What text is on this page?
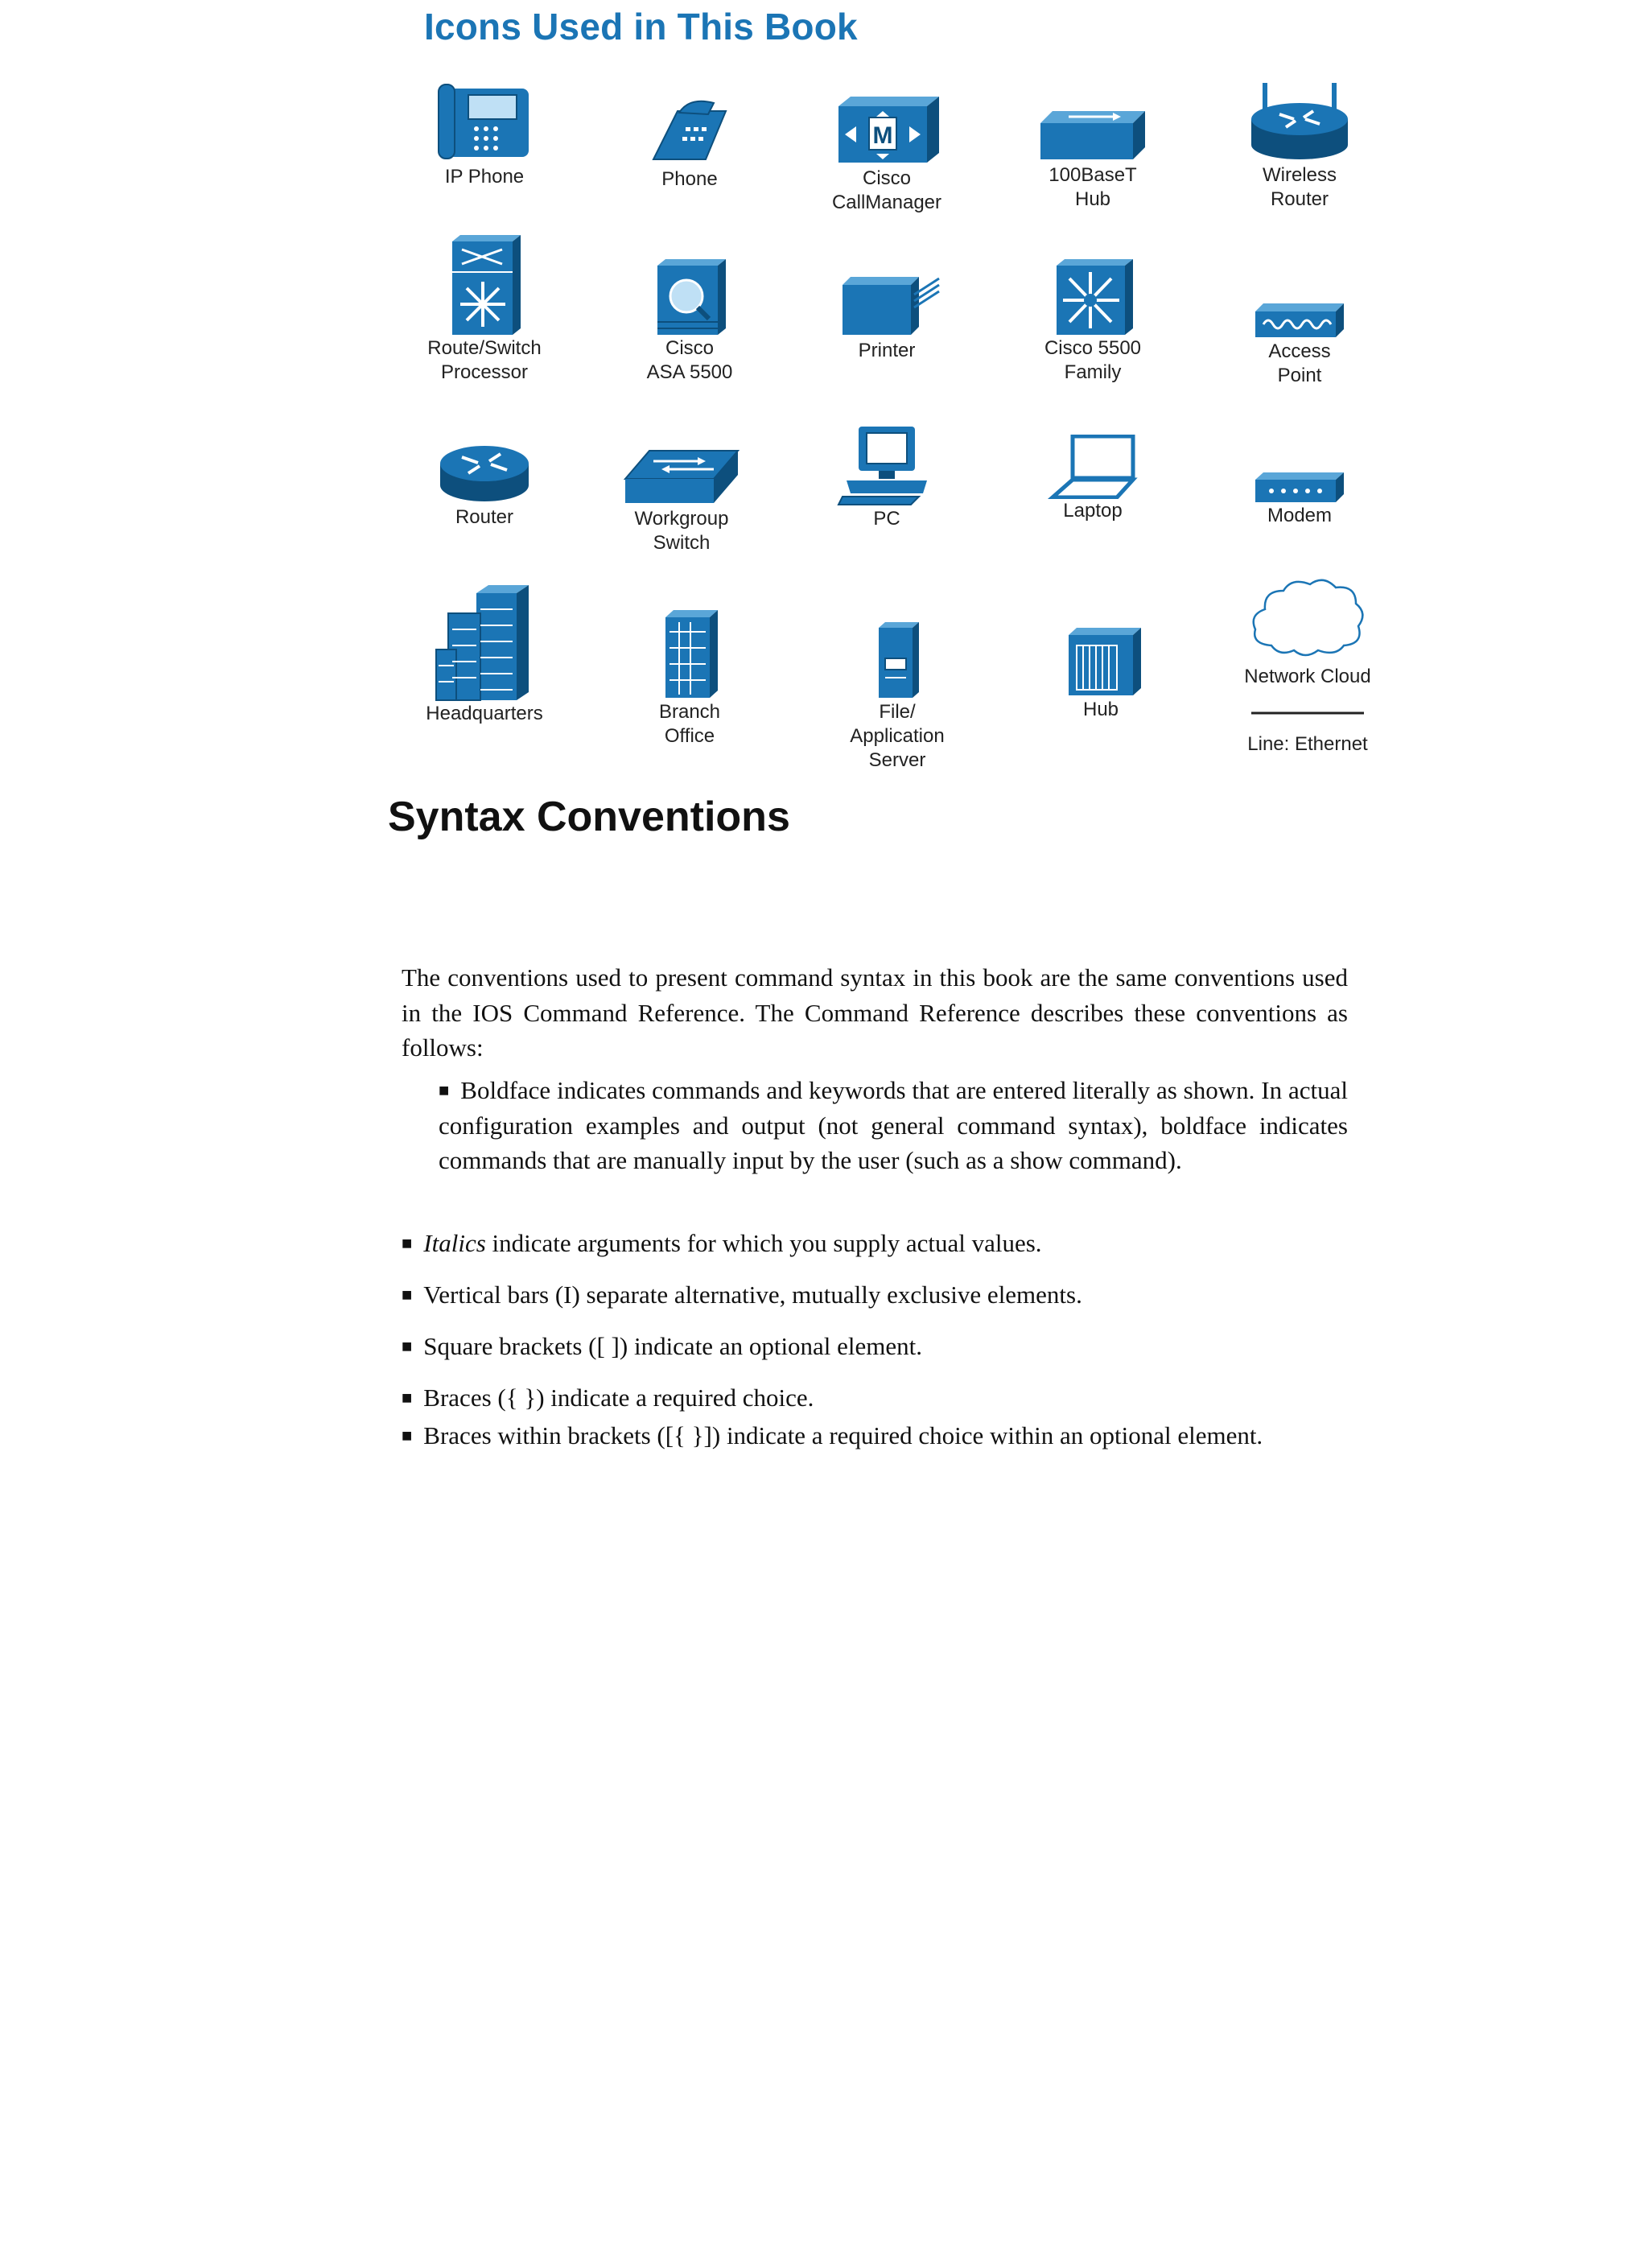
Icons Used in This Book
IP Phone	Phone
M
Cisco
CallManager
100BaseT
Hub
Wireless
Router
Route/Switch
Processor
Cisco
ASA 5500
Printer	Cisco 5500
Family
Access
Point
Router	Workgroup
Switch
PC	Laptop	Modem
Headquarters	Branch
Office
File/
Application
Server
Hub
Network Cloud
Line: Ethernet
Syntax Conventions

The conventions used to present command syntax in this book are the same conventions used in the IOS Command Reference. The Command Reference describes these conventions as follows:

■ Boldface indicates commands and keywords that are entered literally as shown. In actual configuration examples and output (not general command syntax), boldface indicates commands that are manually input by the user (such as a show command).
■ Italics indicate arguments for which you supply actual values.
■ Vertical bars (I) separate alternative, mutually exclusive elements.
■ Square brackets ([ ]) indicate an optional element.
■ Braces ({ }) indicate a required choice.
■ Braces within brackets ([{ }]) indicate a required choice within an optional element.
